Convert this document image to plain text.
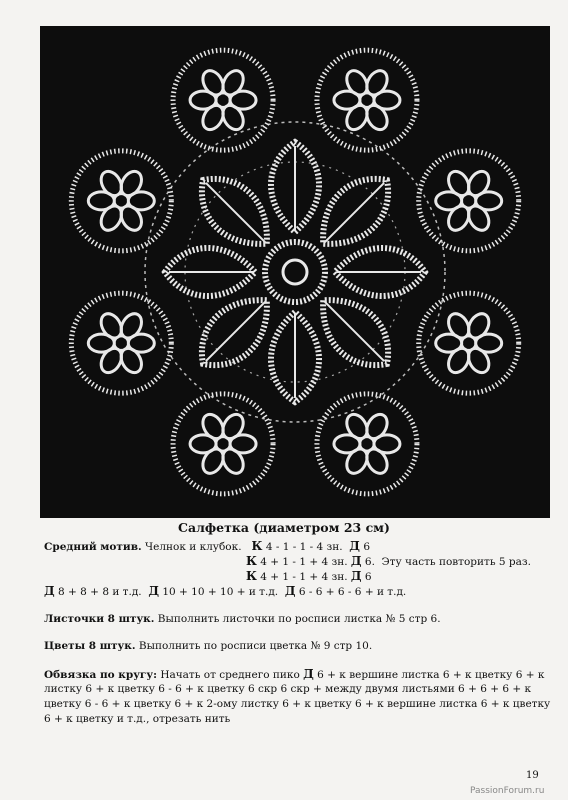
Салфетка (диаметром 23 см)
Средний мотив. Челнок и клубок. К 4 - 1 - 1 - 4 зн. Д 6
К 4 + 1 - 1 + 4 зн. Д 6. Эту часть повторить 5 раз.
К 4 + 1 - 1 + 4 зн. Д 6
Д 8 + 8 + 8 и т.д. Д 10 + 10 + 10 + и т.д. Д 6 - 6 + 6 - 6 + и т.д.
Листочки 8 штук. Выполнить листочки по росписи листка № 5 стр 6.
Цветы 8 штук. Выполнить по росписи цветка № 9 стр 10.
Обвязка по кругу: Начать от среднего пико Д 6 + к вершине листка 6 + к цветку 6 + к
листку 6 + к цветку 6 - 6 + к цветку 6 скр 6 скр + между двумя листьями 6 + 6 + 6 + к
цветку 6 - 6 + к цветку 6 + к 2-ому листку 6 + к цветку 6 + к вершине листка 6 + к цветку
6 + к цветку и т.д., отрезать нить
19
PassionForum.ru
